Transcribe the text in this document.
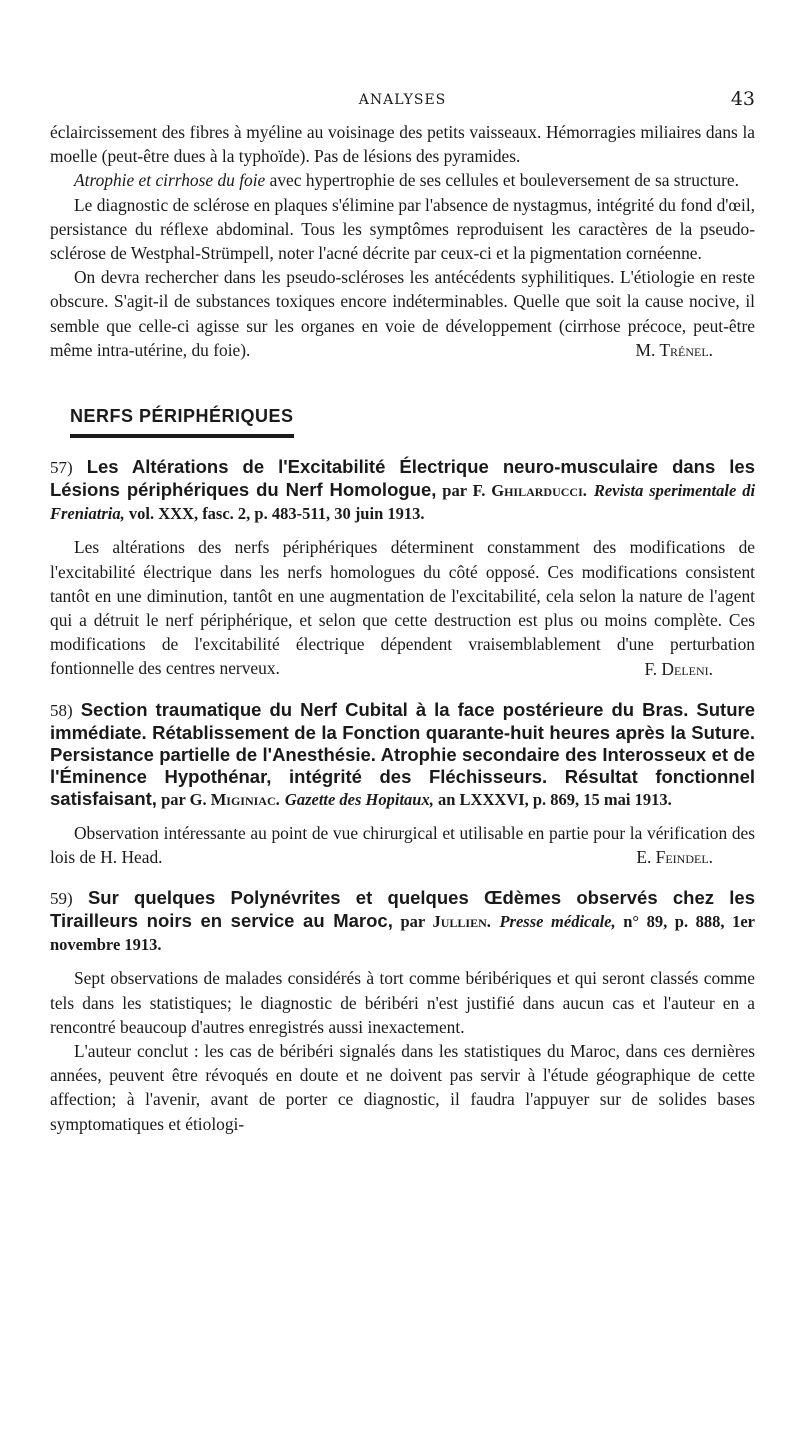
ANALYSES	43

éclaircissement des fibres à myéline au voisinage des petits vaisseaux. Hémorragies miliaires dans la moelle (peut-être dues à la typhoïde). Pas de lésions des pyramides.

Atrophie et cirrhose du foie avec hypertrophie de ses cellules et bouleversement de sa structure.

Le diagnostic de sclérose en plaques s'élimine par l'absence de nystagmus, intégrité du fond d'œil, persistance du réflexe abdominal. Tous les symptômes reproduisent les caractères de la pseudo-sclérose de Westphal-Strümpell, noter l'acné décrite par ceux-ci et la pigmentation cornéenne.

On devra rechercher dans les pseudo-scléroses les antécédents syphilitiques. L'étiologie en reste obscure. S'agit-il de substances toxiques encore indéterminables. Quelle que soit la cause nocive, il semble que celle-ci agisse sur les organes en voie de développement (cirrhose précoce, peut-être même intra-utérine, du foie).	M. Trénel.

NERFS PÉRIPHÉRIQUES

57) Les Altérations de l'Excitabilité Électrique neuro-musculaire dans les Lésions périphériques du Nerf Homologue, par F. Ghilarducci. Revista sperimentale di Freniatria, vol. XXX, fasc. 2, p. 483-511, 30 juin 1913.

Les altérations des nerfs périphériques déterminent constamment des modifications de l'excitabilité électrique dans les nerfs homologues du côté opposé. Ces modifications consistent tantôt en une diminution, tantôt en une augmentation de l'excitabilité, cela selon la nature de l'agent qui a détruit le nerf périphérique, et selon que cette destruction est plus ou moins complète. Ces modifications de l'excitabilité électrique dépendent vraisemblablement d'une perturbation fontionnelle des centres nerveux.	F. Deleni.

58) Section traumatique du Nerf Cubital à la face postérieure du Bras. Suture immédiate. Rétablissement de la Fonction quarante-huit heures après la Suture. Persistance partielle de l'Anesthésie. Atrophie secondaire des Interosseux et de l'Éminence Hypothénar, intégrité des Fléchisseurs. Résultat fonctionnel satisfaisant, par G. Miginiac. Gazette des Hopitaux, an LXXXVI, p. 869, 15 mai 1913.

Observation intéressante au point de vue chirurgical et utilisable en partie pour la vérification des lois de H. Head.	E. Feindel.

59) Sur quelques Polynévrites et quelques Œdèmes observés chez les Tirailleurs noirs en service au Maroc, par Jullien. Presse médicale, n° 89, p. 888, 1er novembre 1913.

Sept observations de malades considérés à tort comme béribériques et qui seront classés comme tels dans les statistiques; le diagnostic de béribéri n'est justifié dans aucun cas et l'auteur en a rencontré beaucoup d'autres enregistrés aussi inexactement.

L'auteur conclut : les cas de béribéri signalés dans les statistiques du Maroc, dans ces dernières années, peuvent être révoqués en doute et ne doivent pas servir à l'étude géographique de cette affection; à l'avenir, avant de porter ce diagnostic, il faudra l'appuyer sur de solides bases symptomatiques et étiologi-
